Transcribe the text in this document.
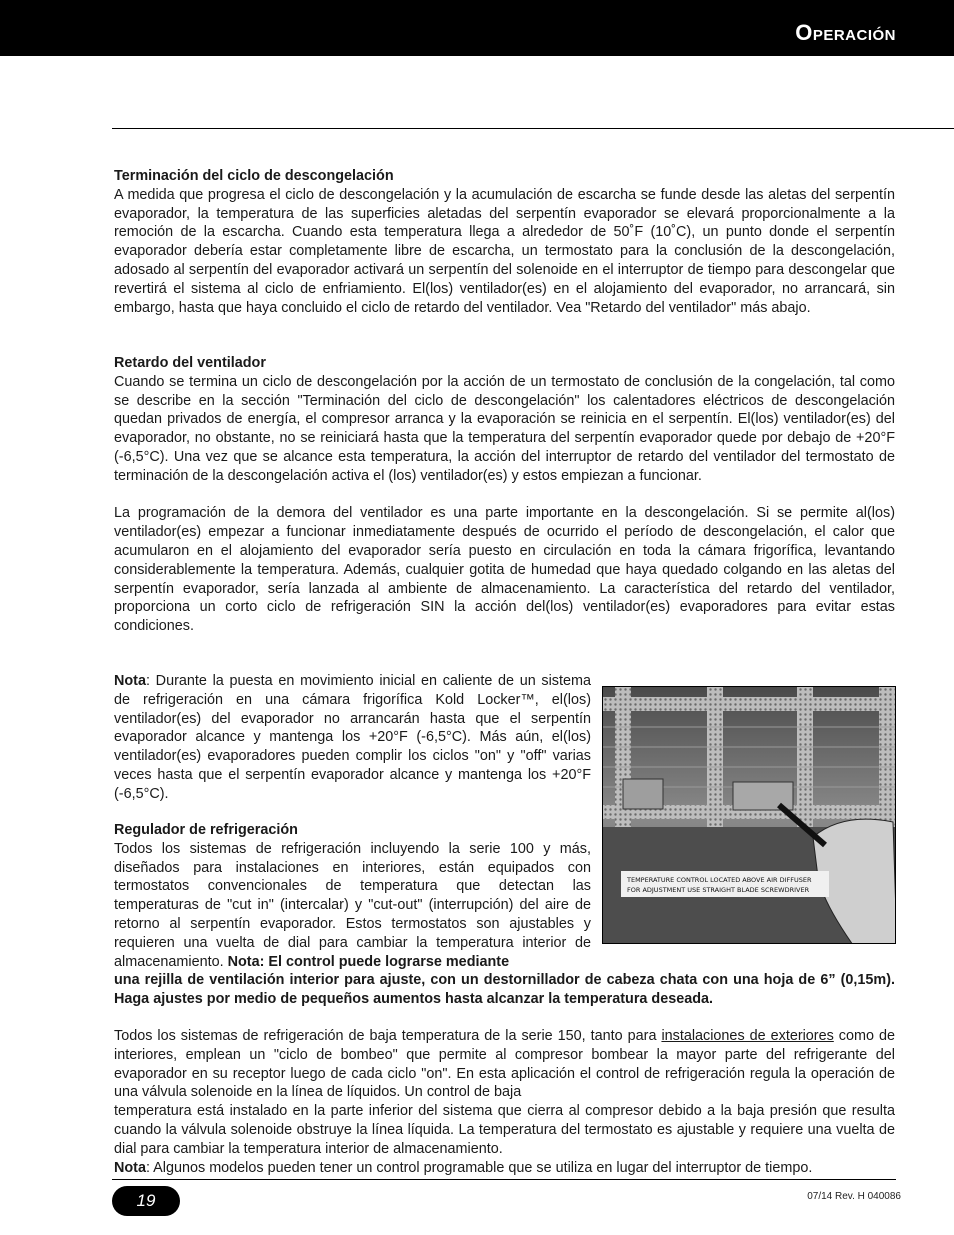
Operación
Terminación del ciclo de descongelación

A medida que progresa el ciclo de descongelación y la acumulación de escarcha se funde desde las aletas del serpentín evaporador, la temperatura de las superficies aletadas del serpentín evaporador se elevará proporcionalmente a la remoción de la escarcha. Cuando esta temperatura llega a alrededor de 50˚F (10˚C), un punto donde el serpentín evaporador debería estar completamente libre de escarcha, un termostato para la conclusión de la descongelación, adosado al serpentín del evaporador activará un serpentín del solenoide en el interruptor de tiempo para descongelar que revertirá el sistema al ciclo de enfriamiento. El(los) ventilador(es) en el alojamiento del evaporador, no arrancará, sin embargo, hasta que haya concluido el ciclo de retardo del ventilador. Vea "Retardo del ventilador" más abajo.

Retardo del ventilador

Cuando se termina un ciclo de descongelación por la acción de un termostato de conclusión de la congelación, tal como se describe en la sección "Terminación del ciclo de descongelación" los calentadores eléctricos de descongelación quedan privados de energía, el compresor arranca y la evaporación se reinicia en el serpentín. El(los) ventilador(es) del evaporador, no obstante, no se reiniciará hasta que la temperatura del serpentín evaporador quede por debajo de +20°F (-6,5°C). Una vez que se alcance esta temperatura, la acción del interruptor de retardo del ventilador del termostato de terminación de la descongelación activa el (los) ventilador(es) y estos empiezan a funcionar.

La programación de la demora del ventilador es una parte importante en la descongelación. Si se permite al(los) ventilador(es) empezar a funcionar inmediatamente después de ocurrido el período de descongelación, el calor que acumularon en el alojamiento del evaporador sería puesto en circulación en toda la cámara frigorífica, levantando considerablemente la temperatura. Además, cualquier gotita de humedad que haya quedado colgando en las aletas del serpentín evaporador, sería lanzada al ambiente de almacenamiento. La característica del retardo del ventilador, proporciona un corto ciclo de refrigeración SIN la acción del(los) ventilador(es) evaporadores para evitar estas condiciones.

Nota: Durante la puesta en movimiento inicial en caliente de un sistema de refrigeración en una cámara frigorífica Kold Locker™, el(los) ventilador(es) del evaporador no arrancarán hasta que el serpentín evaporador alcance y mantenga los +20°F (-6,5°C). Más aún, el(los) ventilador(es) evaporadores pueden complir los ciclos "on" y "off" varias veces hasta que el serpentín evaporador alcance y mantenga los +20°F (-6,5°C).

Regulador de refrigeración

Todos los sistemas de refrigeración incluyendo la serie 100 y más, diseñados para instalaciones en interiores, están equipados con termostatos convencionales de temperatura que detectan las temperaturas de "cut in" (intercalar) y "cut-out" (interrupción) del aire de retorno al serpentín evaporador. Estos termostatos son ajustables y requieren una vuelta de dial para cambiar la temperatura interior de almacenamiento. Nota: El control puede lograrse mediante

una rejilla de ventilación interior para ajuste, con un destornillador de cabeza chata con una hoja de 6” (0,15m). Haga ajustes por medio de pequeños aumentos hasta alcanzar la temperatura deseada.

Todos los sistemas de refrigeración de baja temperatura de la serie 150, tanto para instalaciones de exteriores como de interiores, emplean un "ciclo de bombeo" que permite al compresor bombear la mayor parte del refrigerante del evaporador en su receptor luego de cada ciclo "on". En esta aplicación el control de refrigeración regula la operación de una válvula solenoide en la línea de líquidos. Un control de baja

temperatura está instalado en la parte inferior del sistema que cierra al compresor debido a la baja presión que resulta cuando la válvula solenoide obstruye la línea líquida. La temperatura del termostato es ajustable y requiere una vuelta de dial para cambiar la temperatura interior de almacenamiento.

Nota: Algunos modelos pueden tener un control programable que se utiliza en lugar del interruptor de tiempo.

TEMPERATURE CONTROL LOCATED ABOVE AIR DIFFUSER
FOR ADJUSTMENT USE STRAIGHT BLADE SCREWDRIVER
19	07/14 Rev. H 040086
